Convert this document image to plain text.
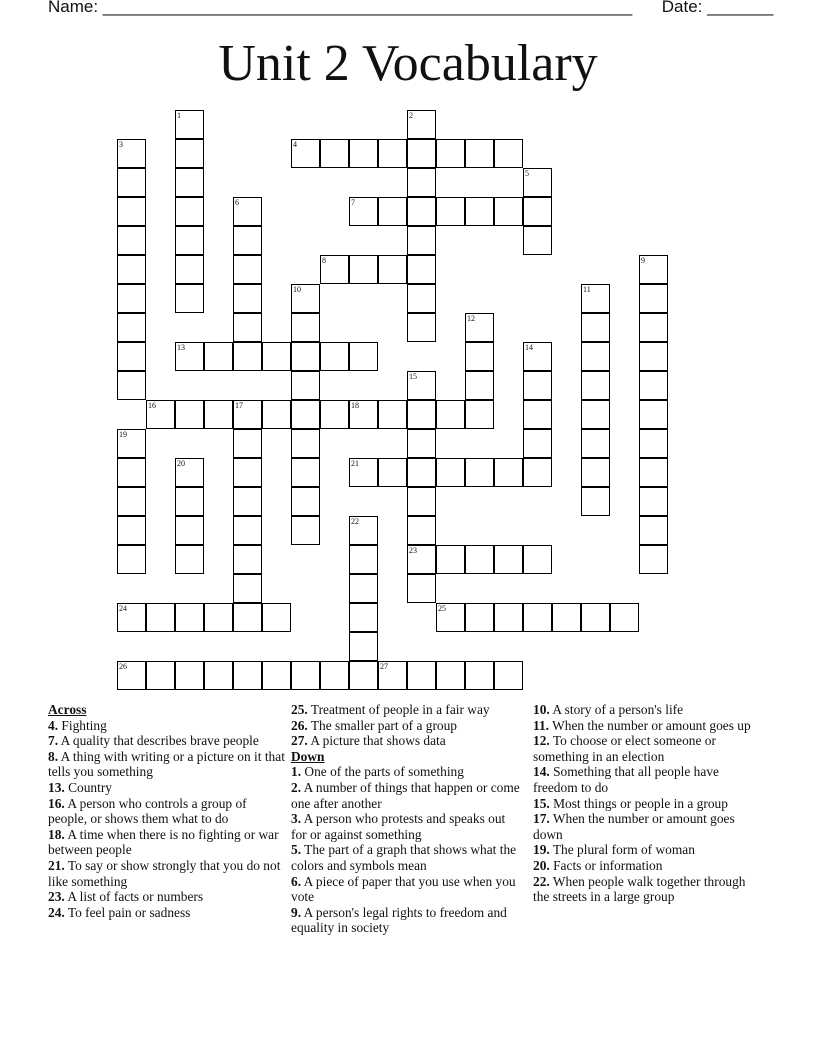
Name: ________________________________________________________ Date: _______
Unit 2 Vocabulary
4
7
8
13
16	17	18
21
23
24	25
26	27
1	2
3
5
6
9
10	11
12
14
15
19
20
22
Across
4. Fighting
7. A quality that describes brave people
8. A thing with writing or a picture on it that tells you something
13. Country
16. A person who controls a group of people, or shows them what to do
18. A time when there is no fighting or war between people
21. To say or show strongly that you do not like something
23. A list of facts or numbers
24. To feel pain or sadness
25. Treatment of people in a fair way
26. The smaller part of a group
27. A picture that shows data
Down
1. One of the parts of something
2. A number of things that happen or come one after another
3. A person who protests and speaks out for or against something
5. The part of a graph that shows what the colors and symbols mean
6. A piece of paper that you use when you vote
9. A person's legal rights to freedom and equality in society
10. A story of a person's life
11. When the number or amount goes up
12. To choose or elect someone or something in an election
14. Something that all people have freedom to do
15. Most things or people in a group
17. When the number or amount goes down
19. The plural form of woman
20. Facts or information
22. When people walk together through the streets in a large group
